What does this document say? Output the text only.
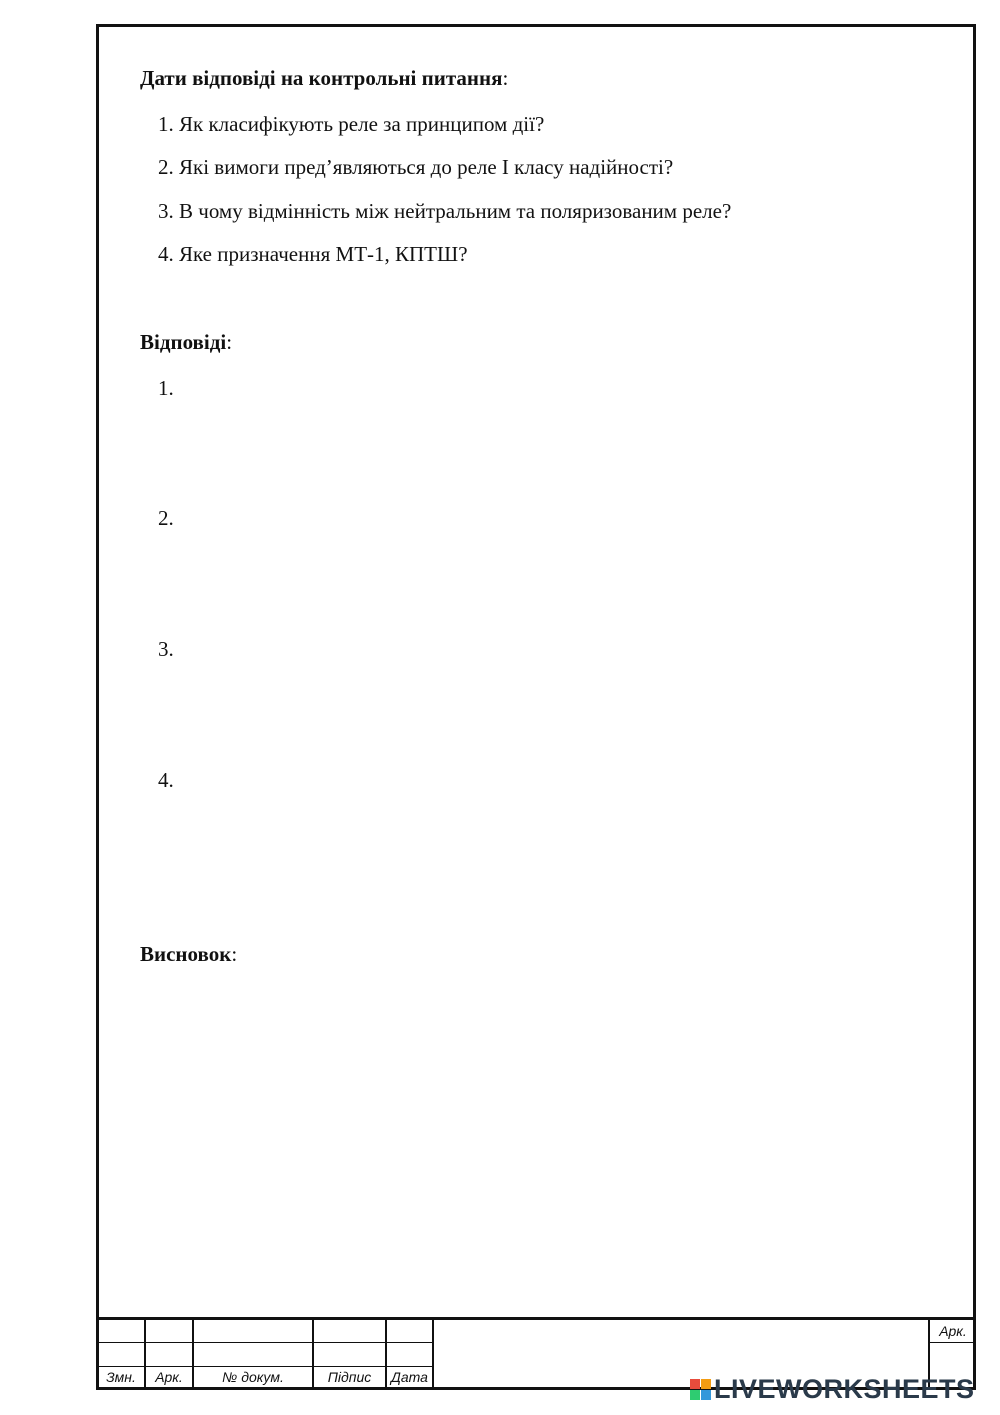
Дати відповіді на контрольні питання:
1. Як класифікують реле за принципом дії?
2. Які вимоги пред’являються до реле І класу надійності?
3. В чому відмінність між нейтральним та поляризованим реле?
4. Яке призначення МТ-1, КПТШ?
Відповіді:
1.
2.
3.
4.
Висновок:
Змн.	Арк.	№ докум.	Підпис	Дата
Арк.
LIVEWORKSHEETS
